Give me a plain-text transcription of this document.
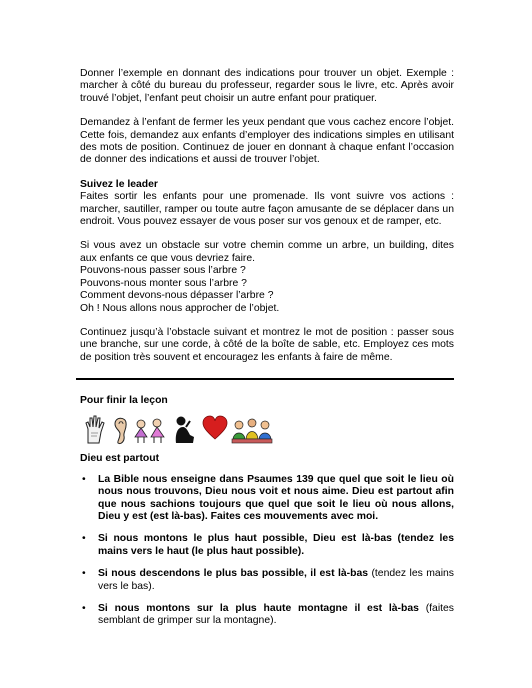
Donner l’exemple en donnant des indications pour trouver un objet. Exemple : marcher à côté du bureau du professeur, regarder sous le livre, etc. Après avoir trouvé l’objet, l’enfant peut choisir un autre enfant pour pratiquer.

Demandez à l’enfant de fermer les yeux pendant que vous cachez encore l’objet. Cette fois, demandez aux enfants d’employer des indications simples en utilisant des mots de position. Continuez de jouer en donnant à chaque enfant l’occasion de donner des indications et aussi de trouver l’objet.

Suivez le leader

Faites sortir les enfants pour une promenade. Ils vont suivre vos actions : marcher, sautiller, ramper ou toute autre façon amusante de se déplacer dans un endroit. Vous pouvez essayer de vous poser sur vos genoux et de ramper, etc.

Si vous avez un obstacle sur votre chemin comme un arbre, un building, dites aux enfants ce que vous devriez faire.

Pouvons-nous passer sous l’arbre ?

Pouvons-nous monter sous l’arbre ?

Comment devons-nous dépasser l’arbre ?

Oh ! Nous allons nous approcher de l’objet.

Continuez jusqu’à l’obstacle suivant et montrez le mot de position : passer sous une branche, sur une corde, à côté de la boîte de sable, etc. Employez ces mots de position très souvent et encouragez les enfants à faire de même.

Pour finir la leçon

Dieu est partout

• La Bible nous enseigne dans Psaumes 139 que quel que soit le lieu où nous nous trouvons, Dieu nous voit et nous aime. Dieu est partout afin que nous sachions toujours que quel que soit le lieu où nous allons, Dieu y est (est là-bas). Faites ces mouvements avec moi.
• Si nous montons le plus haut possible, Dieu est là-bas (tendez les mains vers le haut (le plus haut possible).
• Si nous descendons le plus bas possible, il est là-bas (tendez les mains vers le bas).
• Si nous montons sur la plus haute montagne il est là-bas (faites semblant de grimper sur la montagne).
